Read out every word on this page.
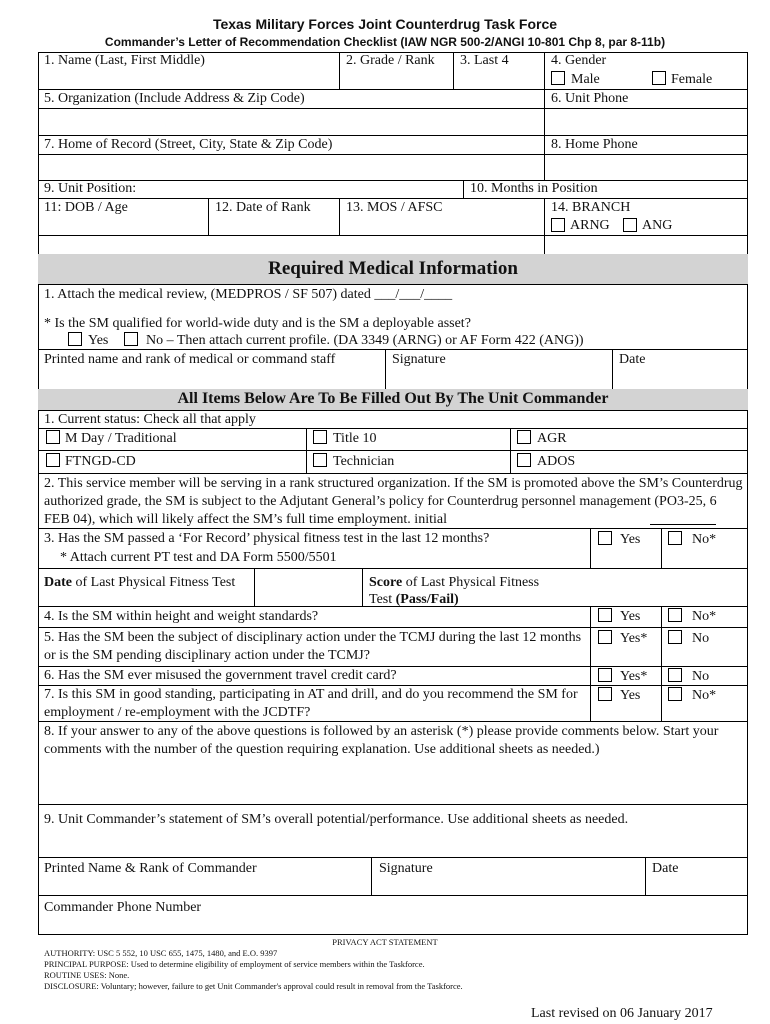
Texas Military Forces Joint Counterdrug Task Force
Commander’s Letter of Recommendation Checklist (IAW NGR 500-2/ANGI 10-801 Chp 8, par 8-11b)
1. Name (Last, First Middle)	2. Grade / Rank 3. Last 4	4. Gender
Male	Female
5. Organization (Include Address & Zip Code)	6. Unit Phone
7. Home of Record (Street, City, State & Zip Code)	8. Home Phone
9. Unit Position:	10. Months in Position
11: DOB / Age	12. Date of Rank	13. MOS / AFSC	14. BRANCH
ARNG ANG
Required Medical Information
1. Attach the medical review, (MEDPROS / SF 507) dated ___/___/____
* Is the SM qualified for world-wide duty and is the SM a deployable asset?
Yes	No – Then attach current profile. (DA 3349 (ARNG) or AF Form 422 (ANG))
Printed name and rank of medical or command staff	Signature	Date
All Items Below Are To Be Filled Out By The Unit Commander
1. Current status: Check all that apply
M Day / Traditional	Title 10	AGR
FTNGD-CD	Technician	ADOS
2. This service member will be serving in a rank structured organization. If the SM is promoted above the SM’s Counterdrug authorized grade, the SM is subject to the Adjutant General’s policy for Counterdrug personnel management (PO3-25, 6 FEB 04), which will likely affect the SM’s full time employment. initial
3. Has the SM passed a ‘For Record’ physical fitness test in the last 12 months?
* Attach current PT test and DA Form 5500/5501
Yes	No*
Date of Last Physical Fitness Test	Score of Last Physical Fitness
Test (Pass/Fail)
4. Is the SM within height and weight standards?	Yes	No*
5. Has the SM been the subject of disciplinary action under the TCMJ during the last 12 months or is the SM pending disciplinary action under the TCMJ?
Yes*	No
6. Has the SM ever misused the government travel credit card?	Yes*	No
7. Is this SM in good standing, participating in AT and drill, and do you recommend the SM for employment / re-employment with the JCDTF?
Yes	No*
8. If your answer to any of the above questions is followed by an asterisk (*) please provide comments below. Start your comments with the number of the question requiring explanation. Use additional sheets as needed.)
9. Unit Commander’s statement of SM’s overall potential/performance. Use additional sheets as needed.
Printed Name & Rank of Commander	Signature	Date
Commander Phone Number
PRIVACY ACT STATEMENT
AUTHORITY: USC 5 552, 10 USC 655, 1475, 1480, and E.O. 9397
PRINCIPAL PURPOSE: Used to determine eligibility of employment of service members within the Taskforce.
ROUTINE USES: None.
DISCLOSURE: Voluntary; however, failure to get Unit Commander's approval could result in removal from the Taskforce.
Last revised on 06 January 2017
